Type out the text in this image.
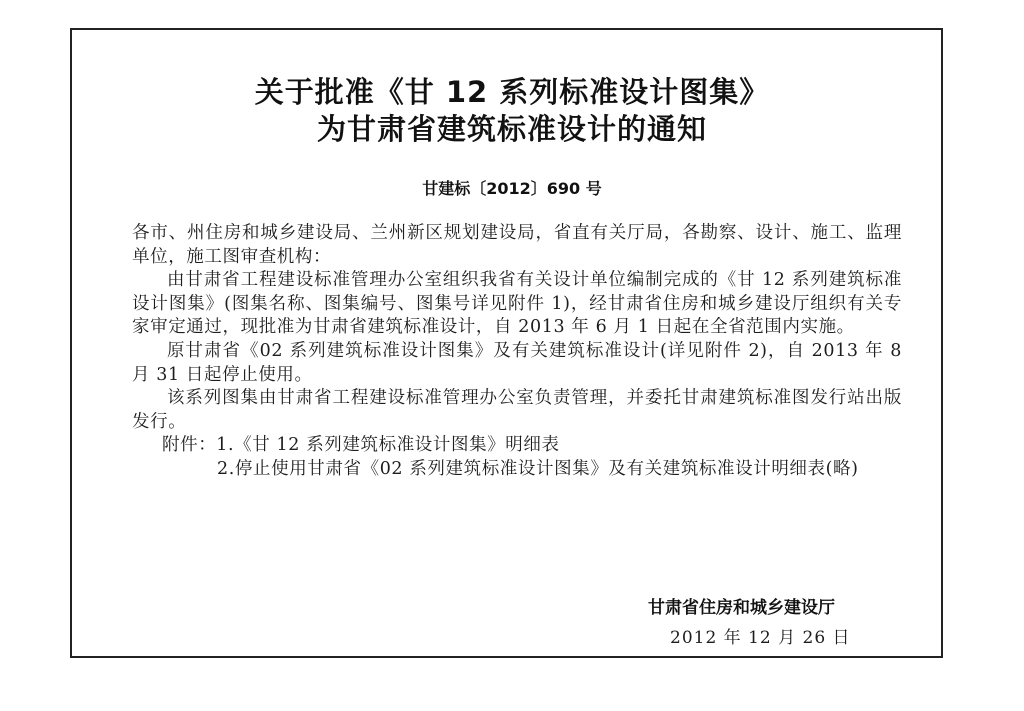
关于批准《甘 12 系列标准设计图集》
为甘肃省建筑标准设计的通知
甘建标〔2012〕690 号

各市、州住房和城乡建设局、兰州新区规划建设局，省直有关厅局，各勘察、设计、施工、监理单位，施工图审查机构：

由甘肃省工程建设标准管理办公室组织我省有关设计单位编制完成的《甘 12 系列建筑标准设计图集》(图集名称、图集编号、图集号详见附件 1)，经甘肃省住房和城乡建设厅组织有关专家审定通过，现批准为甘肃省建筑标准设计，自 2013 年 6 月 1 日起在全省范围内实施。

原甘肃省《02 系列建筑标准设计图集》及有关建筑标准设计(详见附件 2)，自 2013 年 8 月 31 日起停止使用。

该系列图集由甘肃省工程建设标准管理办公室负责管理，并委托甘肃建筑标准图发行站出版发行。

附件：1.《甘 12 系列建筑标准设计图集》明细表

2.停止使用甘肃省《02 系列建筑标准设计图集》及有关建筑标准设计明细表(略)

甘肃省住房和城乡建设厅
2012 年 12 月 26 日
